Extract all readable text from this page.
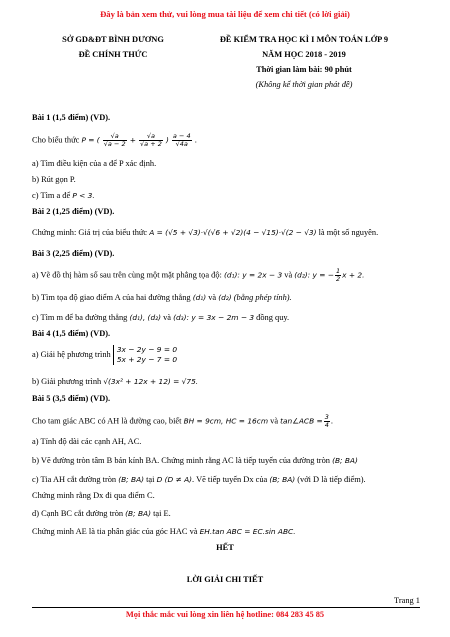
Đây là bản xem thử, vui lòng mua tài liệu để xem chi tiết (có lời giải)
SỞ GD&ĐT BÌNH DƯƠNG
ĐỀ CHÍNH THỨC
ĐỀ KIỂM TRA HỌC KÌ I MÔN TOÁN LỚP 9
NĂM HỌC 2018 - 2019
Thời gian làm bài: 90 phút
(Không kể thời gian phát đề)
Bài 1 (1,5 điểm) (VD).
Cho biểu thức P = ( $\frac{√a}{√a - 2} + \frac{√a}{√a + 2}$ ) $\frac{a - 4}{√4a}$ .
a) Tìm điều kiện của a để P xác định.
b) Rút gọn P.
c) Tìm a để P < 3.
Bài 2 (1,25 điểm) (VD).
Chứng minh: Giá trị của biểu thức A = (√5 + √3)·√(√6 + √2)(4 − √15)·√(2 − √3) là một số nguyên.
Bài 3 (2,25 điểm) (VD).
a) Vẽ đồ thị hàm số sau trên cùng một mặt phẳng tọa độ: (d₁): y = 2x − 3 và (d₂): y = − $\frac{1}{2}$ x + 2.
b) Tìm tọa độ giao điểm A của hai đường thẳng (d₁) và (d₂) (bằng phép tính).
c) Tìm m để ba đường thẳng (d₁), (d₂) và (d₃): y = 3x − 2m − 3 đồng quy.
Bài 4 (1,5 điểm) (VD).
a) Giải hệ phương trình
3x − 2y − 9 = 0
5x + 2y − 7 = 0
b) Giải phương trình √(3x² + 12x + 12) = √75.
Bài 5 (3,5 điểm) (VD).
Cho tam giác ABC có AH là đường cao, biết BH = 9cm, HC = 16cm và tan∠ACB = $\frac{3}{4}$ .
a) Tính độ dài các cạnh AH, AC.
b) Vẽ đường tròn tâm B bán kính BA. Chứng minh rằng AC là tiếp tuyến của đường tròn (B; BA)
c) Tia AH cắt đường tròn (B; BA) tại D (D ≠ A). Vẽ tiếp tuyến Dx của (B; BA) (với D là tiếp điểm).
Chứng minh rằng Dx đi qua điểm C.
d) Cạnh BC cắt đường tròn (B; BA) tại E.
Chứng minh AE là tia phân giác của góc HAC và EH.tan ABC = EC.sin ABC.
HẾT
LỜI GIẢI CHI TIẾT
Trang 1
Mọi thắc mắc vui lòng xin liên hệ hotline: 084 283 45 85
